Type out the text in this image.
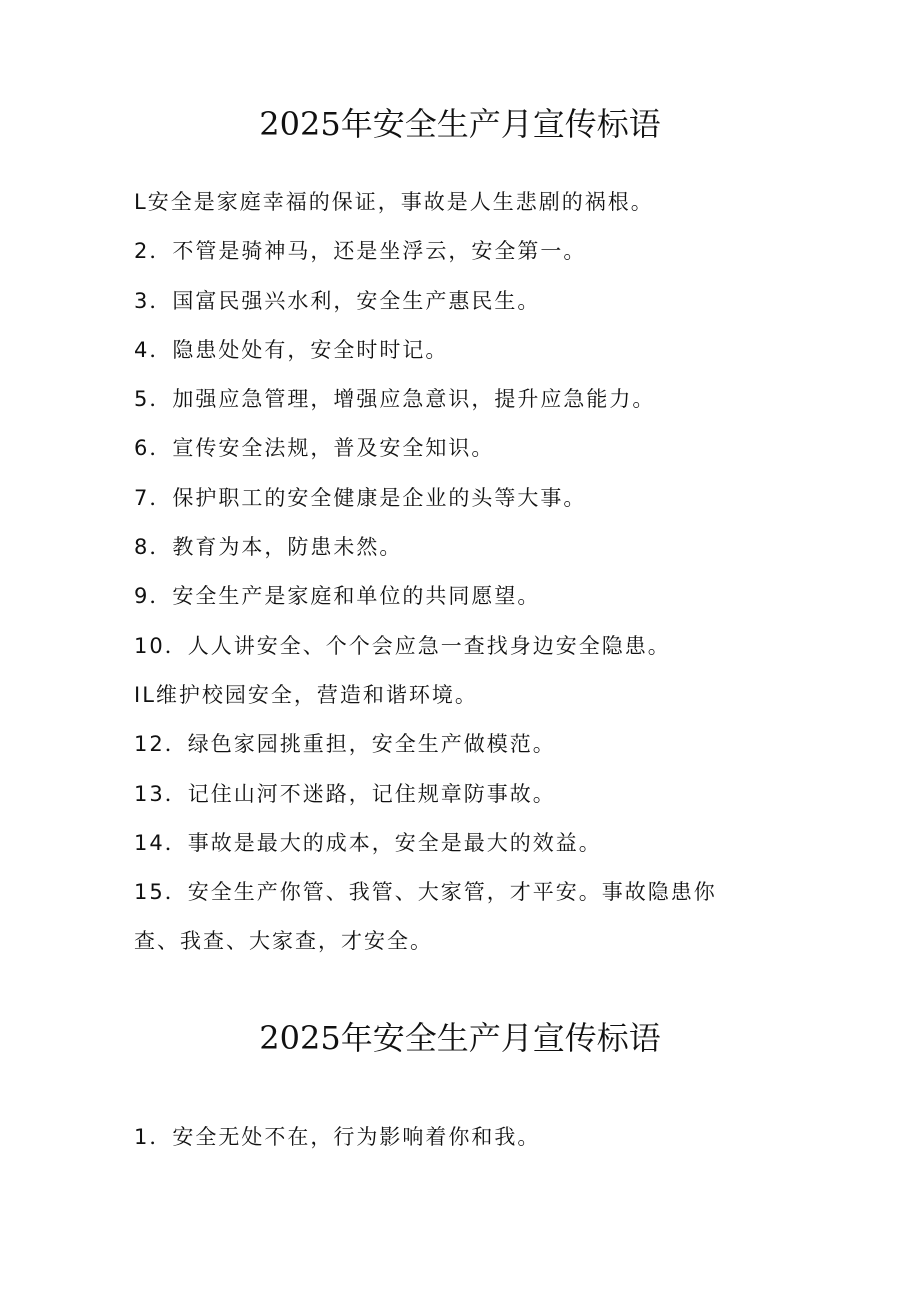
2025年安全生产月宣传标语
L安全是家庭幸福的保证，事故是人生悲剧的祸根。
2．不管是骑神马，还是坐浮云，安全第一。
3．国富民强兴水利，安全生产惠民生。
4．隐患处处有，安全时时记。
5．加强应急管理，增强应急意识，提升应急能力。
6．宣传安全法规，普及安全知识。
7．保护职工的安全健康是企业的头等大事。
8．教育为本，防患未然。
9．安全生产是家庭和单位的共同愿望。
10．人人讲安全、个个会应急一查找身边安全隐患。
IL维护校园安全，营造和谐环境。
12．绿色家园挑重担，安全生产做模范。
13．记住山河不迷路，记住规章防事故。
14．事故是最大的成本，安全是最大的效益。
15．安全生产你管、我管、大家管，才平安。事故隐患你
查、我查、大家查，才安全。
2025年安全生产月宣传标语
1．安全无处不在，行为影响着你和我。
